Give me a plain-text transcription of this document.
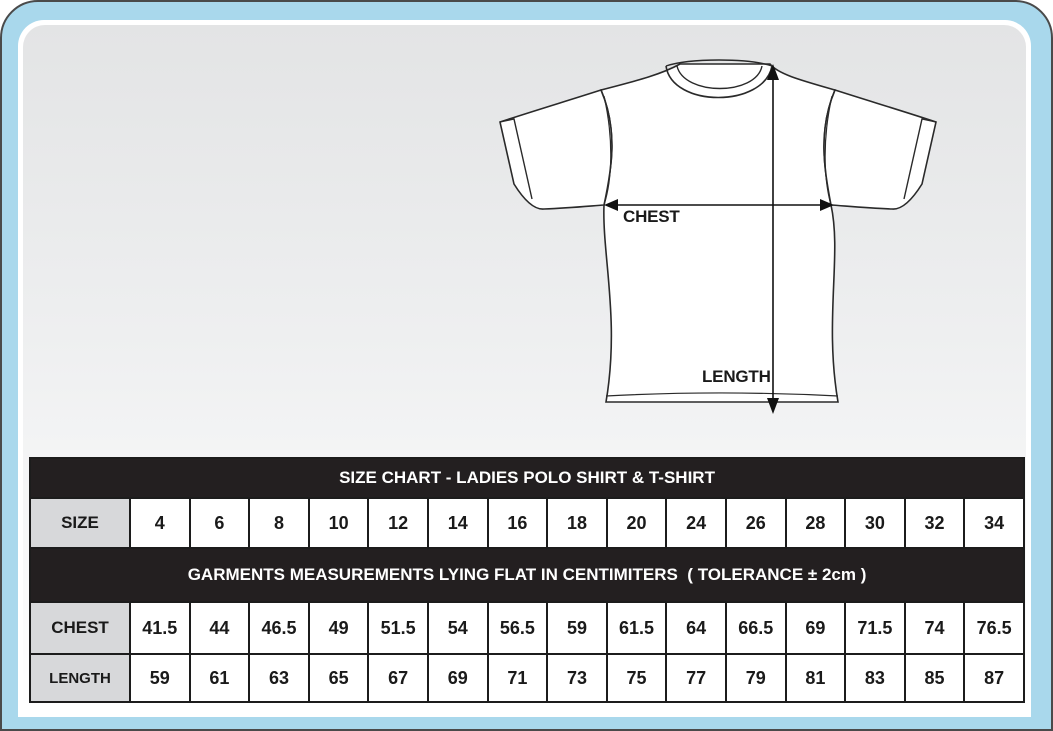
CHEST
LENGTH
SIZE CHART - LADIES POLO SHIRT & T-SHIRT															
SIZE	4	6	8	10	12	14	16	18	20	24	26	28	30	32	34
GARMENTS MEASUREMENTS LYING FLAT IN CENTIMITERS  ( TOLERANCE ± 2cm )															
CHEST	41.5	44	46.5	49	51.5	54	56.5	59	61.5	64	66.5	69	71.5	74	76.5
LENGTH	59	61	63	65	67	69	71	73	75	77	79	81	83	85	87
